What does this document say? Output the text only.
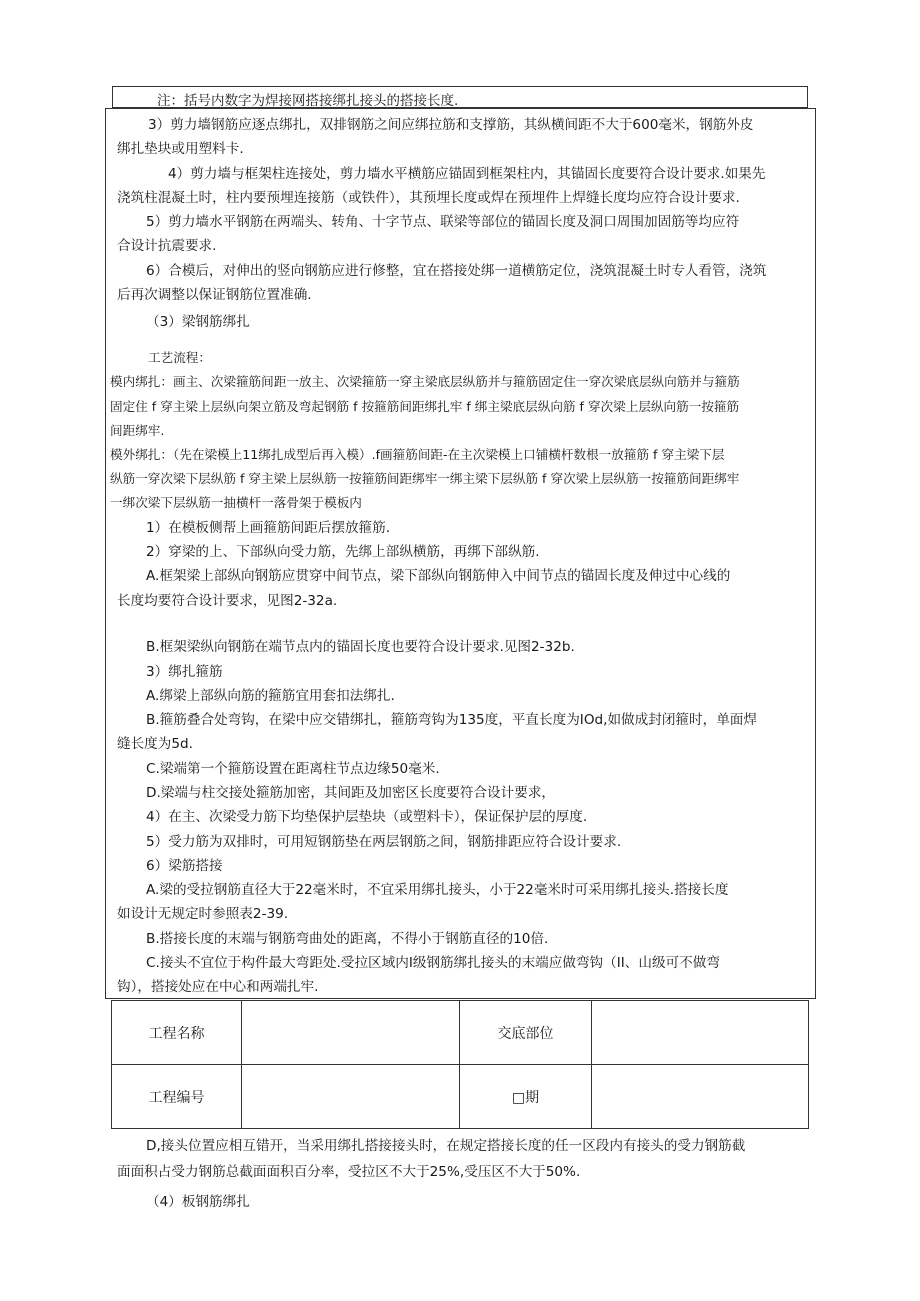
注：括号内数字为焊接网搭接绑扎接头的搭接长度.
3）剪力墙钢筋应逐点绑扎，双排钢筋之间应绑拉筋和支撑筋，其纵横间距不大于600毫米，钢筋外皮
绑扎垫块或用塑料卡.
4）剪力墙与框架柱连接处，剪力墙水平横筋应锚固到框架柱内，其锚固长度要符合设计要求.如果先
浇筑柱混凝土时，柱内要预埋连接筋（或铁件），其预埋长度或焊在预埋件上焊缝长度均应符合设计要求.
5）剪力墙水平钢筋在两端头、转角、十字节点、联梁等部位的锚固长度及洞口周围加固筋等均应符
合设计抗震要求.
6）合模后，对伸出的竖向钢筋应进行修整，宜在搭接处绑一道横筋定位，浇筑混凝土时专人看管，浇筑
后再次调整以保证钢筋位置准确.
（3）梁钢筋绑扎
工艺流程：
模内绑扎：画主、次梁箍筋间距一放主、次梁箍筋一穿主梁底层纵筋并与箍筋固定住一穿次梁底层纵向筋并与箍筋
固定住 f 穿主梁上层纵向架立筋及弯起钢筋 f 按箍筋间距绑扎牢 f 绑主梁底层纵向筋 f 穿次梁上层纵向筋一按箍筋
间距绑牢.
模外绑扎：（先在梁模上11绑扎成型后再入模）.f画箍筋间距-在主次梁模上口铺横杆数根一放箍筋 f 穿主梁下层
纵筋一穿次梁下层纵筋 f 穿主梁上层纵筋一按箍筋间距绑牢一绑主梁下层纵筋 f 穿次梁上层纵筋一按箍筋间距绑牢
一绑次梁下层纵筋一抽横杆一落骨架于模板内
1）在模板侧帮上画箍筋间距后摆放箍筋.
2）穿梁的上、下部纵向受力筋，先绑上部纵横筋，再绑下部纵筋.
A.框架梁上部纵向钢筋应贯穿中间节点，梁下部纵向钢筋伸入中间节点的锚固长度及伸过中心线的
长度均要符合设计要求，见图2-32a.
B.框架梁纵向钢筋在端节点内的锚固长度也要符合设计要求.见图2-32b.
3）绑扎箍筋
A.绑梁上部纵向筋的箍筋宜用套扣法绑扎.
B.箍筋叠合处弯钩，在梁中应交错绑扎，箍筋弯钩为135度，平直长度为IOd,如做成封闭箍时，单面焊
缝长度为5d.
C.梁端第一个箍筋设置在距离柱节点边缘50毫米.
D.梁端与柱交接处箍筋加密，其间距及加密区长度要符合设计要求，
4）在主、次梁受力筋下均垫保护层垫块（或塑料卡），保证保护层的厚度.
5）受力筋为双排时，可用短钢筋垫在两层钢筋之间，钢筋排距应符合设计要求.
6）梁筋搭接
A.梁的受拉钢筋直径大于22毫米时，不宜采用绑扎接头，小于22毫米时可采用绑扎接头.搭接长度
如设计无规定时参照表2-39.
B.搭接长度的末端与钢筋弯曲处的距离，不得小于钢筋直径的10倍.
C.接头不宜位于构件最大弯距处.受拉区域内I级钢筋绑扎接头的末端应做弯钩（II、山级可不做弯
钩），搭接处应在中心和两端扎牢.
工程名称		交底部位	
工程编号		□期	
D,接头位置应相互错开，当采用绑扎搭接接头时，在规定搭接长度的任一区段内有接头的受力钢筋截
面面积占受力钢筋总截面面积百分率，受拉区不大于25%,受压区不大于50%.
（4）板钢筋绑扎
